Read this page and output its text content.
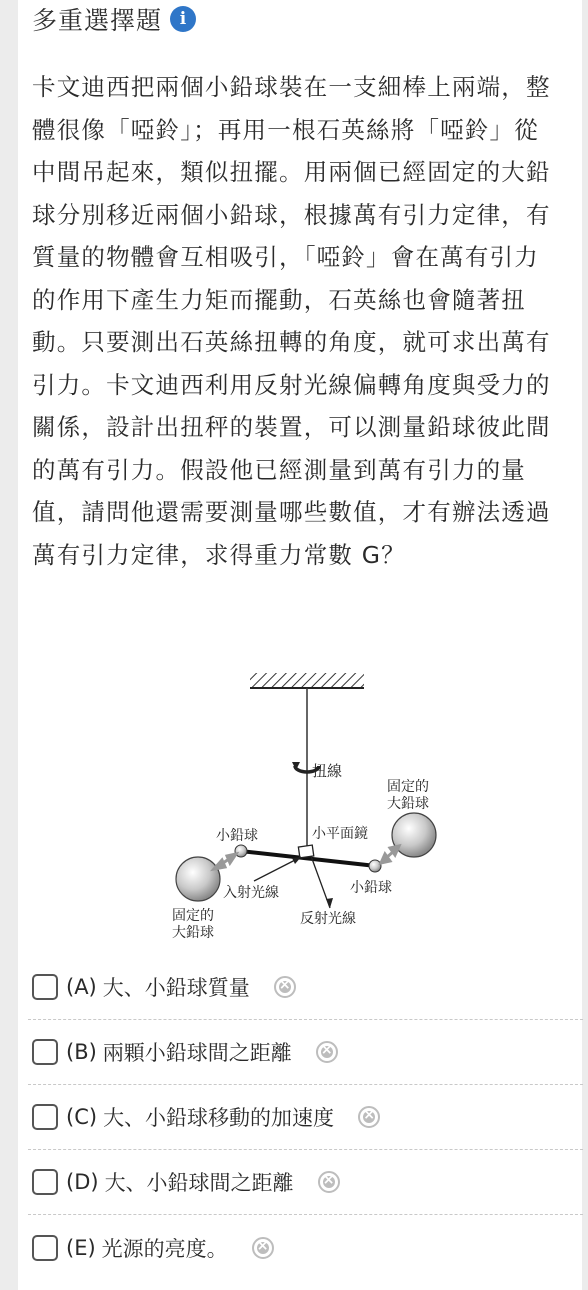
多重選擇題	i

卡文迪西把兩個小鉛球裝在一支細棒上兩端，整體很像「啞鈴」；再用一根石英絲將「啞鈴」從中間吊起來，類似扭擺。用兩個已經固定的大鉛球分別移近兩個小鉛球，根據萬有引力定律，有質量的物體會互相吸引，「啞鈴」會在萬有引力的作用下產生力矩而擺動，石英絲也會隨著扭動。只要測出石英絲扭轉的角度，就可求出萬有引力。卡文迪西利用反射光線偏轉角度與受力的關係，設計出扭秤的裝置，可以測量鉛球彼此間的萬有引力。假設他已經測量到萬有引力的量值，請問他還需要測量哪些數值，才有辦法透過萬有引力定律，求得重力常數 G？

扭線
固定的
大鉛球
固定的
大鉛球
小鉛球	小平面鏡
小鉛球
入射光線
反射光線
(A) 大、小鉛球質量
×
(B) 兩顆小鉛球間之距離
×
(C) 大、小鉛球移動的加速度
×
(D) 大、小鉛球間之距離
×
(E) 光源的亮度。
×
